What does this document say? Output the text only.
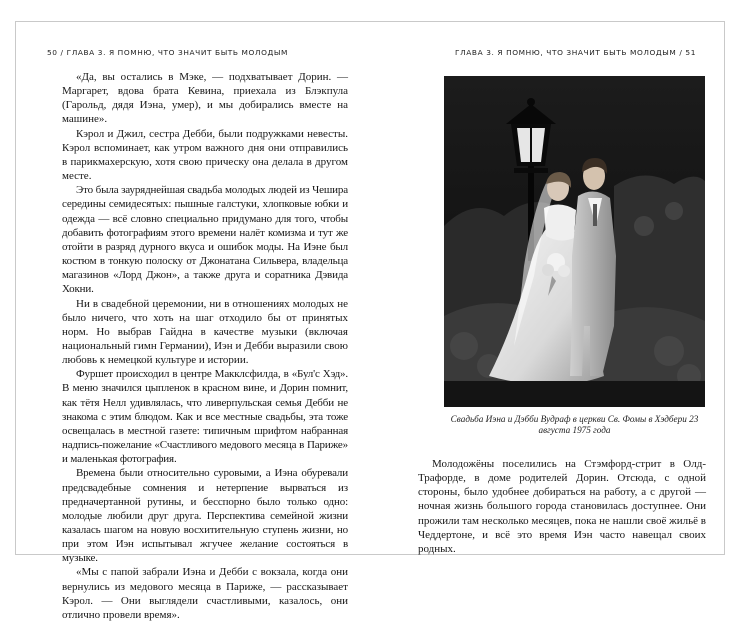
50 / ГЛАВА 3. Я ПОМНЮ, ЧТО ЗНАЧИТ БЫТЬ МОЛОДЫМ

«Да, вы остались в Мэке, — подхватывает Дорин. — Маргарет, вдова брата Кевина, приехала из Блэкпула (Гарольд, дядя Иэна, умер), и мы добирались вместе на машине».

Кэрол и Джил, сестра Дебби, были подружками невесты. Кэрол вспоминает, как утром важного дня они отправились в парикмахерскую, хотя свою прическу она делала в другом месте.

Это была зауряднейшая свадьба молодых людей из Чешира середины семидесятых: пышные галстуки, хлопковые юбки и одежда — всё словно специально придумано для того, чтобы добавить фотографиям этого времени налёт комизма и тут же отойти в разряд дурного вкуса и ошибок моды. На Иэне был костюм в тонкую полоску от Джонатана Сильвера, владельца магазинов «Лорд Джон», а также друга и соратника Дэвида Хокни.

Ни в свадебной церемонии, ни в отношениях молодых не было ничего, что хоть на шаг отходило бы от принятых норм. Но выбрав Гайдна в качестве музыки (включая национальный гимн Германии), Иэн и Дебби выразили свою любовь к немецкой культуре и истории.

Фуршет происходил в центре Макклсфилда, в «Бул'с Хэд». В меню значился цыпленок в красном вине, и Дорин помнит, как тётя Нелл удивлялась, что ливерпульская семья Дебби не знакома с этим блюдом. Как и все местные свадьбы, эта тоже освещалась в местной газете: типичным шрифтом набранная надпись-пожелание «Счастливого медового месяца в Париже» и маленькая фотография.

Времена были относительно суровыми, а Иэна обуревали предсвадебные сомнения и нетерпение вырваться из предначертанной рутины, и бесспорно было только одно: молодые любили друг друга. Перспектива семейной жизни казалась шагом на новую восхитительную ступень жизни, но при этом Иэн испытывал жгучее желание состояться в музыке.

«Мы с папой забрали Иэна и Дебби с вокзала, когда они вернулись из медового месяца в Париже, — рассказывает Кэрол. — Они выглядели счастливыми, казалось, они отлично провели время».

ГЛАВА 3. Я ПОМНЮ, ЧТО ЗНАЧИТ БЫТЬ МОЛОДЫМ / 51
Свадьба Иэна и Дэбби Вудраф в церкви Св. Фомы в Хэдбери 23 августа 1975 года

Молодожёны поселились на Стэмфорд-стрит в Олд-Трафорде, в доме родителей Дорин. Отсюда, с одной стороны, было удобнее добираться на работу, а с другой — ночная жизнь большого города становилась доступнее. Они прожили там несколько месяцев, пока не нашли своё жильё в Чеддертоне, и всё это время Иэн часто навещал своих родных.
